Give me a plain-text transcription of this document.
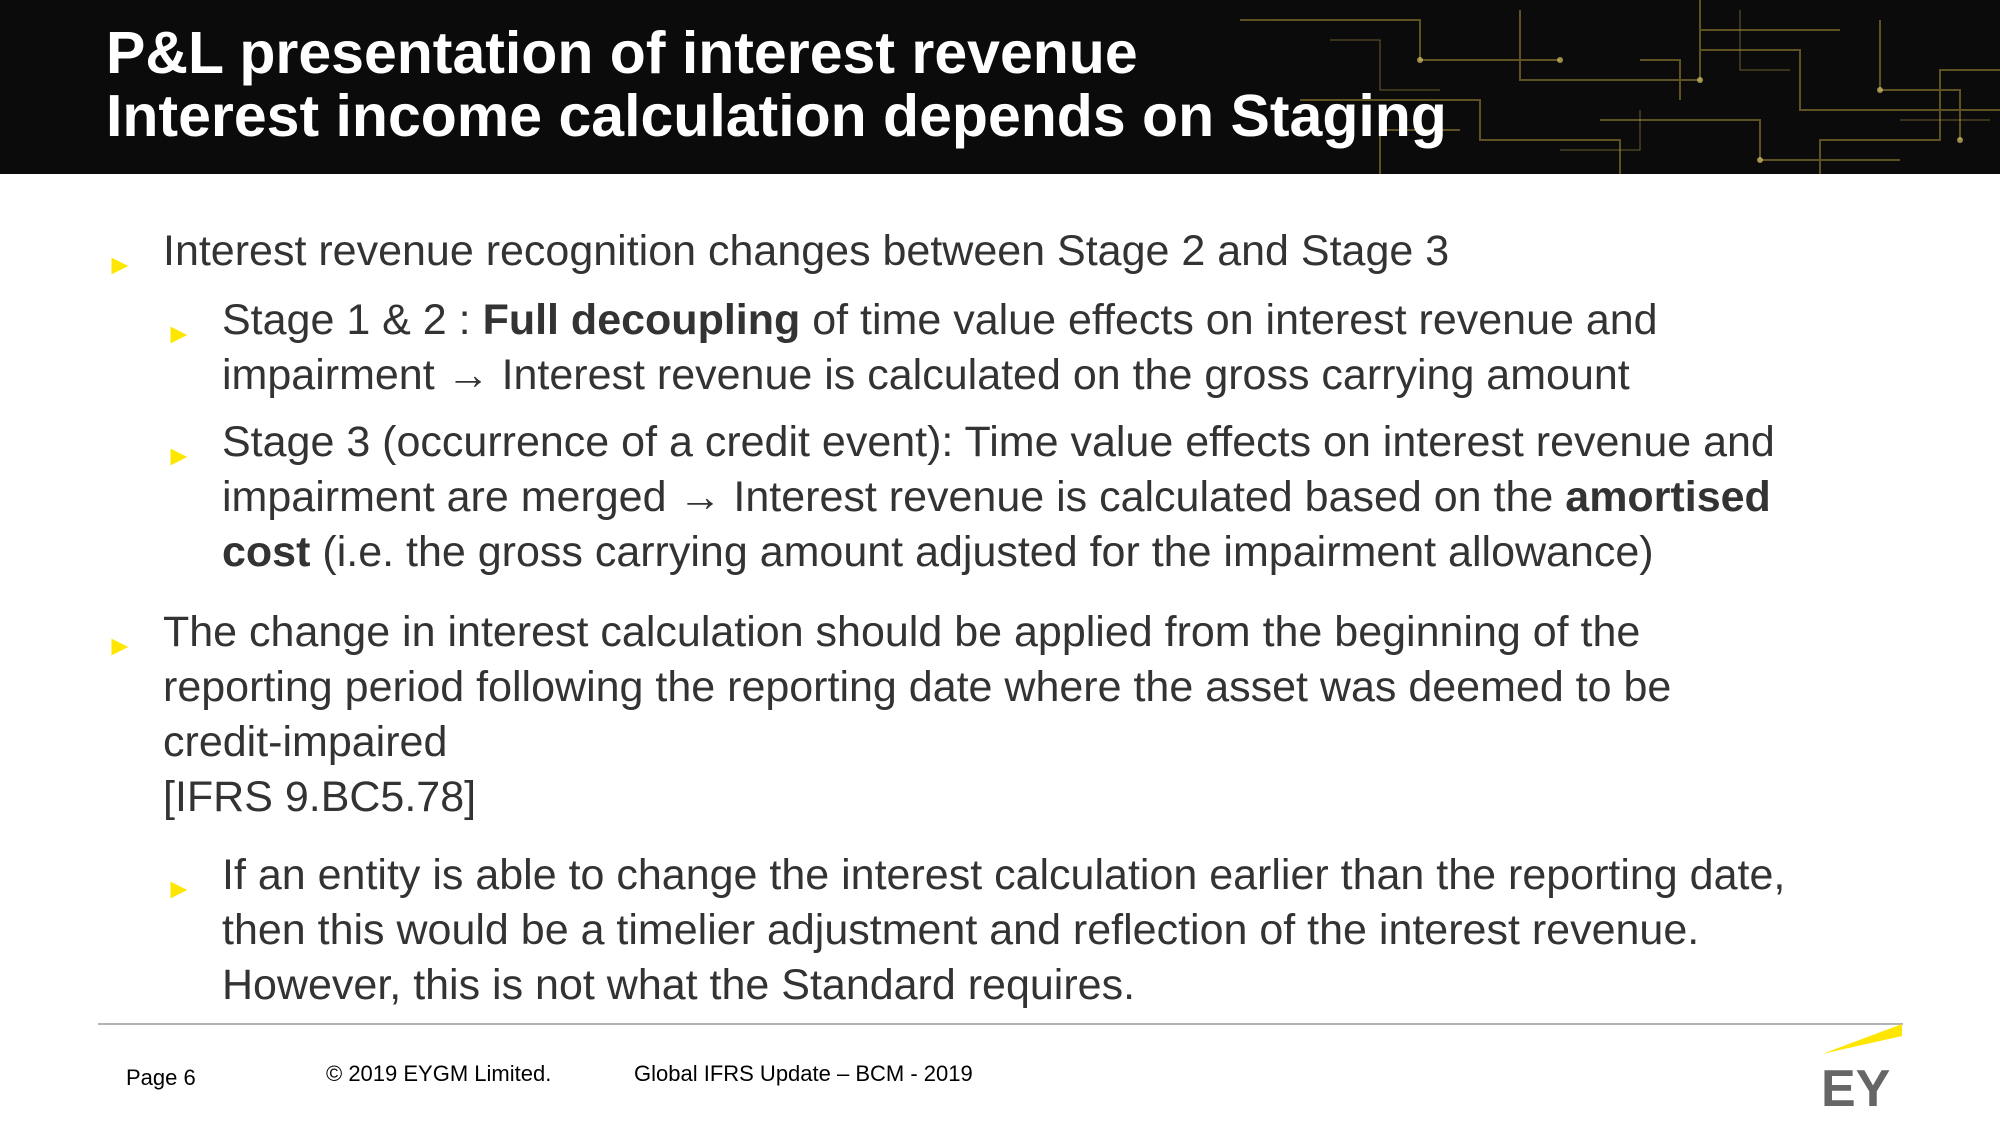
P&L presentation of interest revenue
Interest income calculation depends on Staging
► Interest revenue recognition changes between Stage 2 and Stage 3
► Stage 1 & 2 : Full decoupling of time value effects on interest revenue and
impairment → Interest revenue is calculated on the gross carrying amount
► Stage 3 (occurrence of a credit event): Time value effects on interest revenue and
impairment are merged → Interest revenue is calculated based on the amortised
cost (i.e. the gross carrying amount adjusted for the impairment allowance)
► The change in interest calculation should be applied from the beginning of the
reporting period following the reporting date where the asset was deemed to be
credit-impaired
[IFRS 9.BC5.78]
► If an entity is able to change the interest calculation earlier than the reporting date,
then this would be a timelier adjustment and reflection of the interest revenue.
However, this is not what the Standard requires.
Page 6	© 2019 EYGM Limited.	Global IFRS Update – BCM - 2019	EY
